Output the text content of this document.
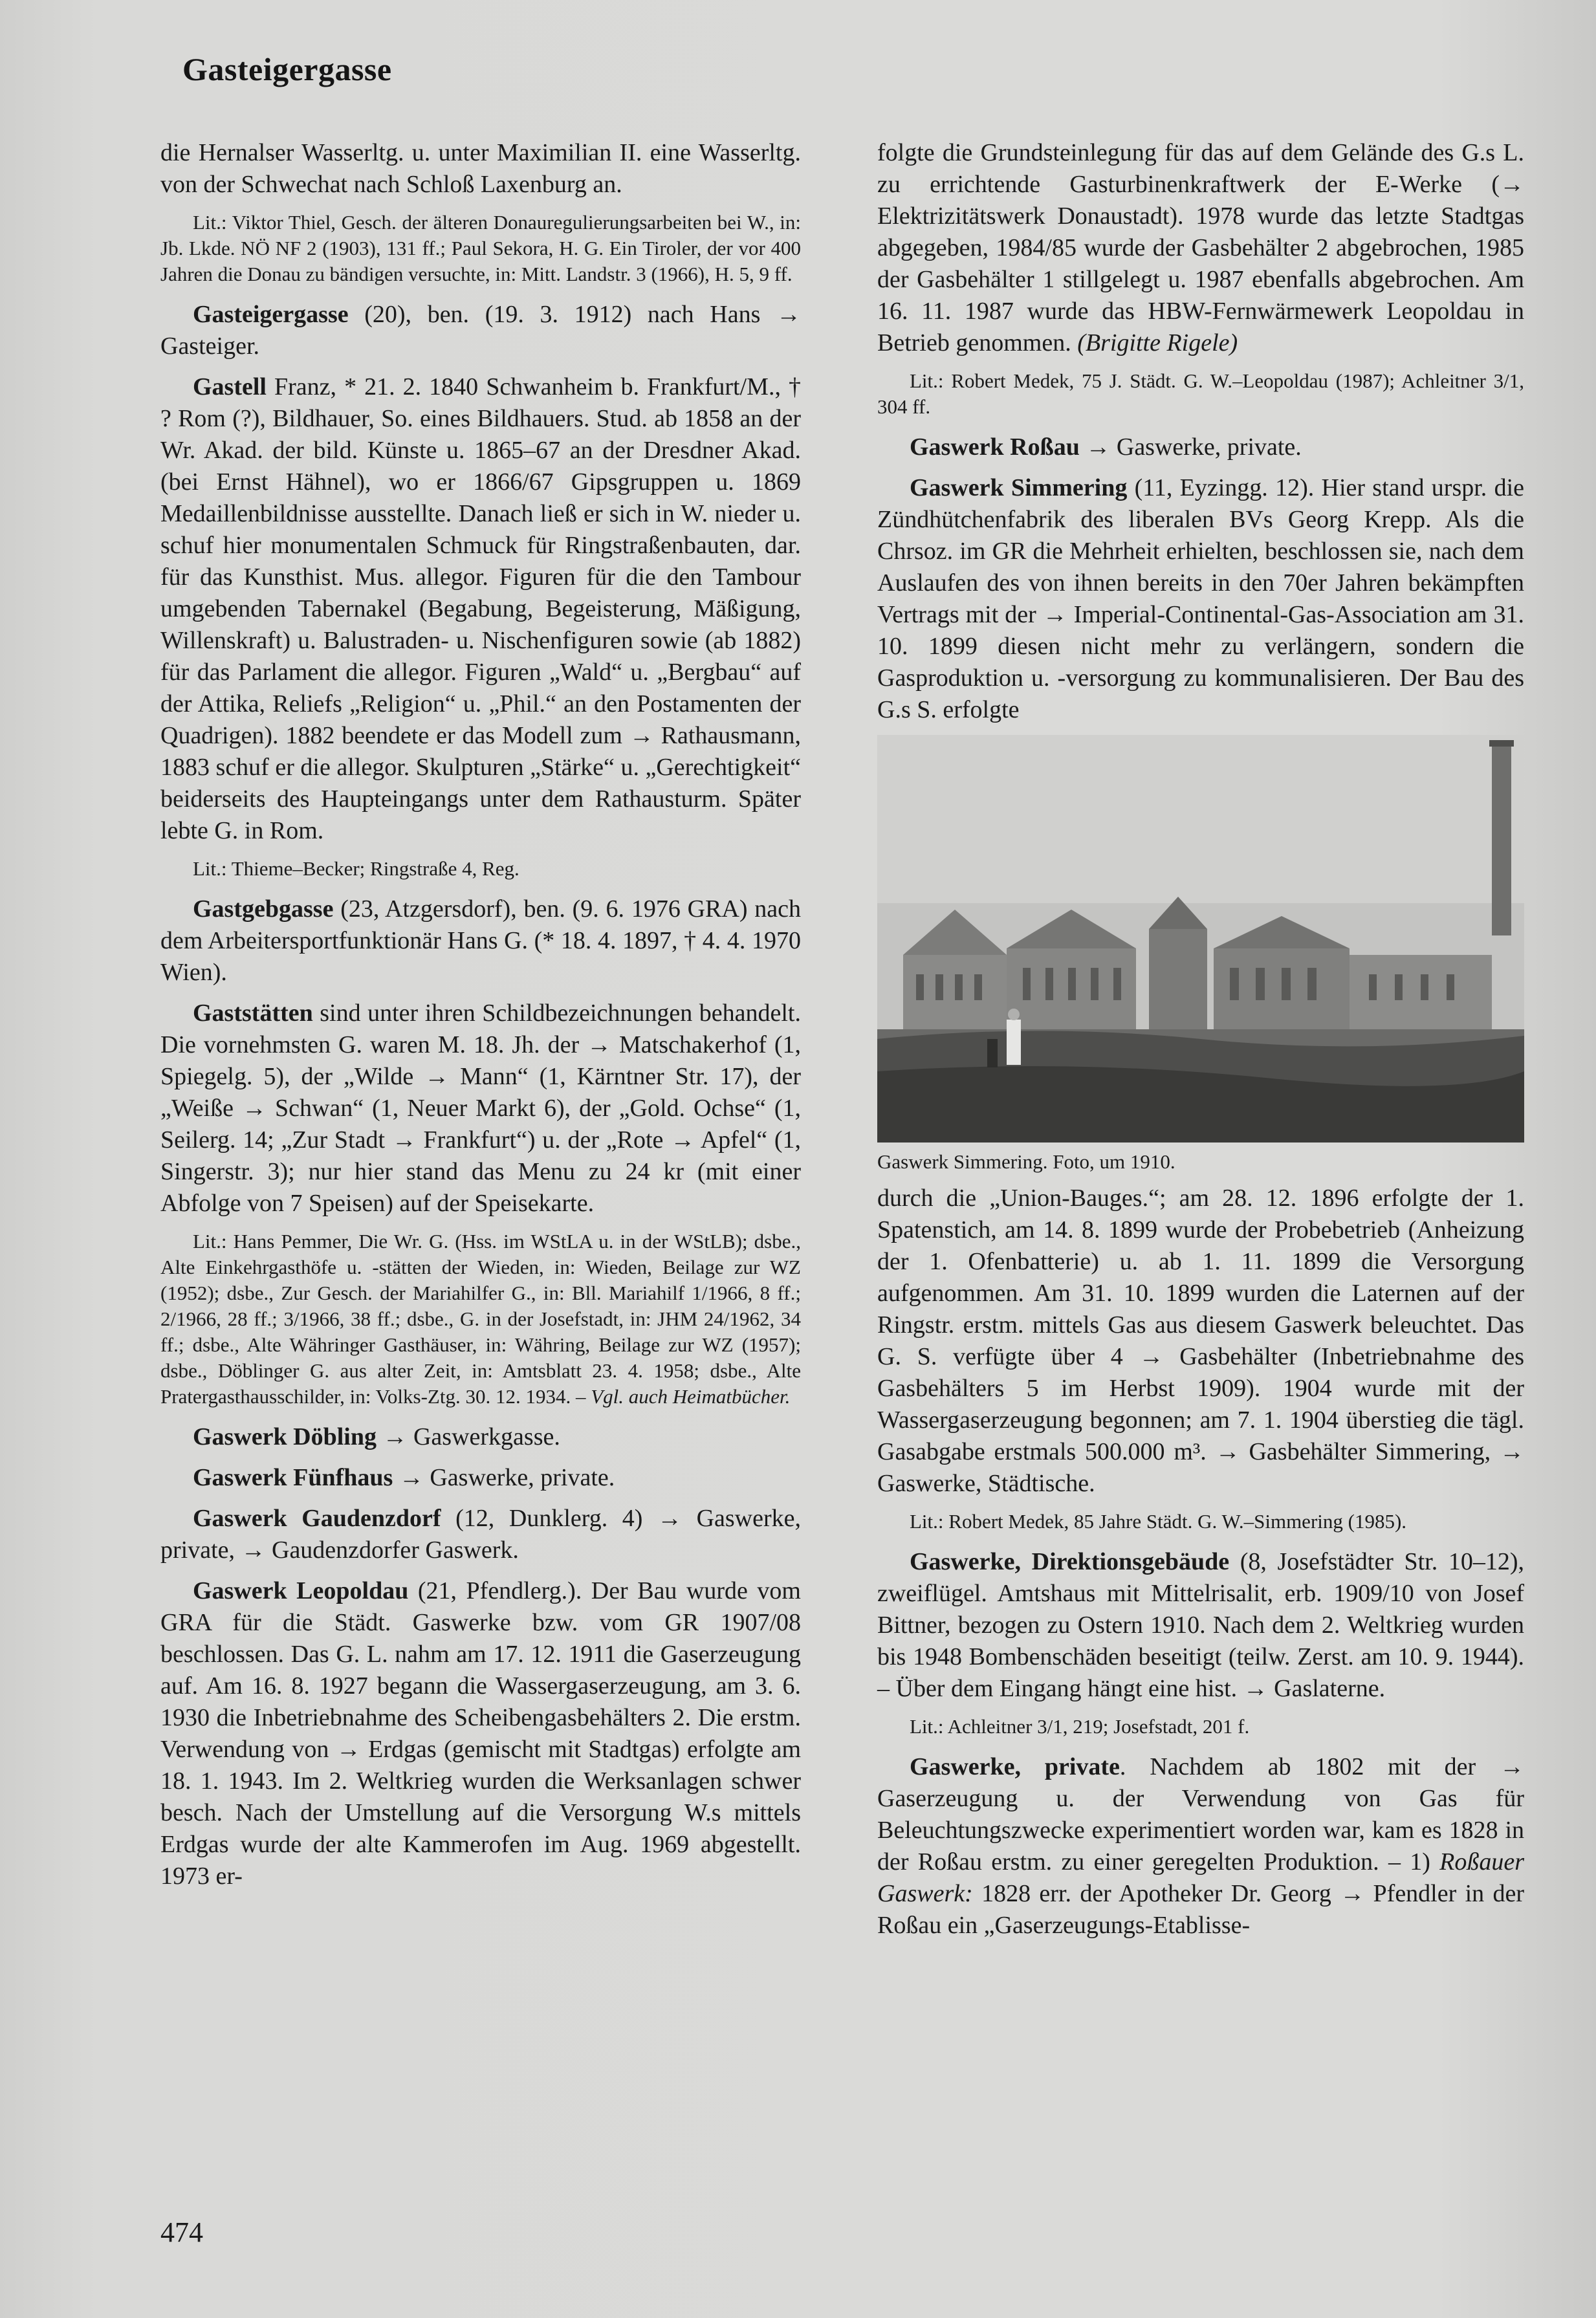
Gasteigergasse

die Hernalser Wasserltg. u. unter Maximilian II. eine Wasserltg. von der Schwechat nach Schloß Laxenburg an.

Lit.: Viktor Thiel, Gesch. der älteren Donauregulierungsarbeiten bei W., in: Jb. Lkde. NÖ NF 2 (1903), 131 ff.; Paul Sekora, H. G. Ein Tiroler, der vor 400 Jahren die Donau zu bändigen versuchte, in: Mitt. Landstr. 3 (1966), H. 5, 9 ff.

Gasteigergasse (20), ben. (19. 3. 1912) nach Hans → Gasteiger.

Gastell Franz, * 21. 2. 1840 Schwanheim b. Frankfurt/M., † ? Rom (?), Bildhauer, So. eines Bildhauers. Stud. ab 1858 an der Wr. Akad. der bild. Künste u. 1865–67 an der Dresdner Akad. (bei Ernst Hähnel), wo er 1866/67 Gipsgruppen u. 1869 Medaillenbildnisse ausstellte. Danach ließ er sich in W. nieder u. schuf hier monumentalen Schmuck für Ringstraßenbauten, dar. für das Kunsthist. Mus. allegor. Figuren für die den Tambour umgebenden Tabernakel (Begabung, Begeisterung, Mäßigung, Willenskraft) u. Balustraden- u. Nischenfiguren sowie (ab 1882) für das Parlament die allegor. Figuren „Wald“ u. „Bergbau“ auf der Attika, Reliefs „Religion“ u. „Phil.“ an den Postamenten der Quadrigen). 1882 beendete er das Modell zum → Rathausmann, 1883 schuf er die allegor. Skulpturen „Stärke“ u. „Gerechtigkeit“ beiderseits des Haupteingangs unter dem Rathausturm. Später lebte G. in Rom.

Lit.: Thieme–Becker; Ringstraße 4, Reg.

Gastgebgasse (23, Atzgersdorf), ben. (9. 6. 1976 GRA) nach dem Arbeitersportfunktionär Hans G. (* 18. 4. 1897, † 4. 4. 1970 Wien).

Gaststätten sind unter ihren Schildbezeichnungen behandelt. Die vornehmsten G. waren M. 18. Jh. der → Matschakerhof (1, Spiegelg. 5), der „Wilde → Mann“ (1, Kärntner Str. 17), der „Weiße → Schwan“ (1, Neuer Markt 6), der „Gold. Ochse“ (1, Seilerg. 14; „Zur Stadt → Frankfurt“) u. der „Rote → Apfel“ (1, Singerstr. 3); nur hier stand das Menu zu 24 kr (mit einer Abfolge von 7 Speisen) auf der Speisekarte.

Lit.: Hans Pemmer, Die Wr. G. (Hss. im WStLA u. in der WStLB); dsbe., Alte Einkehrgasthöfe u. -stätten der Wieden, in: Wieden, Beilage zur WZ (1952); dsbe., Zur Gesch. der Mariahilfer G., in: Bll. Mariahilf 1/1966, 8 ff.; 2/1966, 28 ff.; 3/1966, 38 ff.; dsbe., G. in der Josefstadt, in: JHM 24/1962, 34 ff.; dsbe., Alte Währinger Gasthäuser, in: Währing, Beilage zur WZ (1957); dsbe., Döblinger G. aus alter Zeit, in: Amtsblatt 23. 4. 1958; dsbe., Alte Pratergasthausschilder, in: Volks-Ztg. 30. 12. 1934. – Vgl. auch Heimatbücher.

Gaswerk Döbling → Gaswerkgasse.

Gaswerk Fünfhaus → Gaswerke, private.

Gaswerk Gaudenzdorf (12, Dunklerg. 4) → Gaswerke, private, → Gaudenzdorfer Gaswerk.

Gaswerk Leopoldau (21, Pfendlerg.). Der Bau wurde vom GRA für die Städt. Gaswerke bzw. vom GR 1907/08 beschlossen. Das G. L. nahm am 17. 12. 1911 die Gaserzeugung auf. Am 16. 8. 1927 begann die Wassergaserzeugung, am 3. 6. 1930 die Inbetriebnahme des Scheibengasbehälters 2. Die erstm. Verwendung von → Erdgas (gemischt mit Stadtgas) erfolgte am 18. 1. 1943. Im 2. Weltkrieg wurden die Werksanlagen schwer besch. Nach der Umstellung auf die Versorgung W.s mittels Erdgas wurde der alte Kammerofen im Aug. 1969 abgestellt. 1973 er-

folgte die Grundsteinlegung für das auf dem Gelände des G.s L. zu errichtende Gasturbinenkraftwerk der E-Werke (→ Elektrizitätswerk Donaustadt). 1978 wurde das letzte Stadtgas abgegeben, 1984/85 wurde der Gasbehälter 2 abgebrochen, 1985 der Gasbehälter 1 stillgelegt u. 1987 ebenfalls abgebrochen. Am 16. 11. 1987 wurde das HBW-Fernwärmewerk Leopoldau in Betrieb genommen. (Brigitte Rigele)

Lit.: Robert Medek, 75 J. Städt. G. W.–Leopoldau (1987); Achleitner 3/1, 304 ff.

Gaswerk Roßau → Gaswerke, private.

Gaswerk Simmering (11, Eyzingg. 12). Hier stand urspr. die Zündhütchenfabrik des liberalen BVs Georg Krepp. Als die Chrsoz. im GR die Mehrheit erhielten, beschlossen sie, nach dem Auslaufen des von ihnen bereits in den 70er Jahren bekämpften Vertrags mit der → Imperial-Continental-Gas-Association am 31. 10. 1899 diesen nicht mehr zu verlängern, sondern die Gasproduktion u. -versorgung zu kommunalisieren. Der Bau des G.s S. erfolgte

Gaswerk Simmering. Foto, um 1910.

durch die „Union-Bauges.“; am 28. 12. 1896 erfolgte der 1. Spatenstich, am 14. 8. 1899 wurde der Probebetrieb (Anheizung der 1. Ofenbatterie) u. ab 1. 11. 1899 die Versorgung aufgenommen. Am 31. 10. 1899 wurden die Laternen auf der Ringstr. erstm. mittels Gas aus diesem Gaswerk beleuchtet. Das G. S. verfügte über 4 → Gasbehälter (Inbetriebnahme des Gasbehälters 5 im Herbst 1909). 1904 wurde mit der Wassergaserzeugung begonnen; am 7. 1. 1904 überstieg die tägl. Gasabgabe erstmals 500.000 m³. → Gasbehälter Simmering, → Gaswerke, Städtische.

Lit.: Robert Medek, 85 Jahre Städt. G. W.–Simmering (1985).

Gaswerke, Direktionsgebäude (8, Josefstädter Str. 10–12), zweiflügel. Amtshaus mit Mittelrisalit, erb. 1909/10 von Josef Bittner, bezogen zu Ostern 1910. Nach dem 2. Weltkrieg wurden bis 1948 Bombenschäden beseitigt (teilw. Zerst. am 10. 9. 1944). – Über dem Eingang hängt eine hist. → Gaslaterne.

Lit.: Achleitner 3/1, 219; Josefstadt, 201 f.

Gaswerke, private. Nachdem ab 1802 mit der → Gaserzeugung u. der Verwendung von Gas für Beleuchtungszwecke experimentiert worden war, kam es 1828 in der Roßau erstm. zu einer geregelten Produktion. – 1) Roßauer Gaswerk: 1828 err. der Apotheker Dr. Georg → Pfendler in der Roßau ein „Gaserzeugungs-Etablisse-

474
